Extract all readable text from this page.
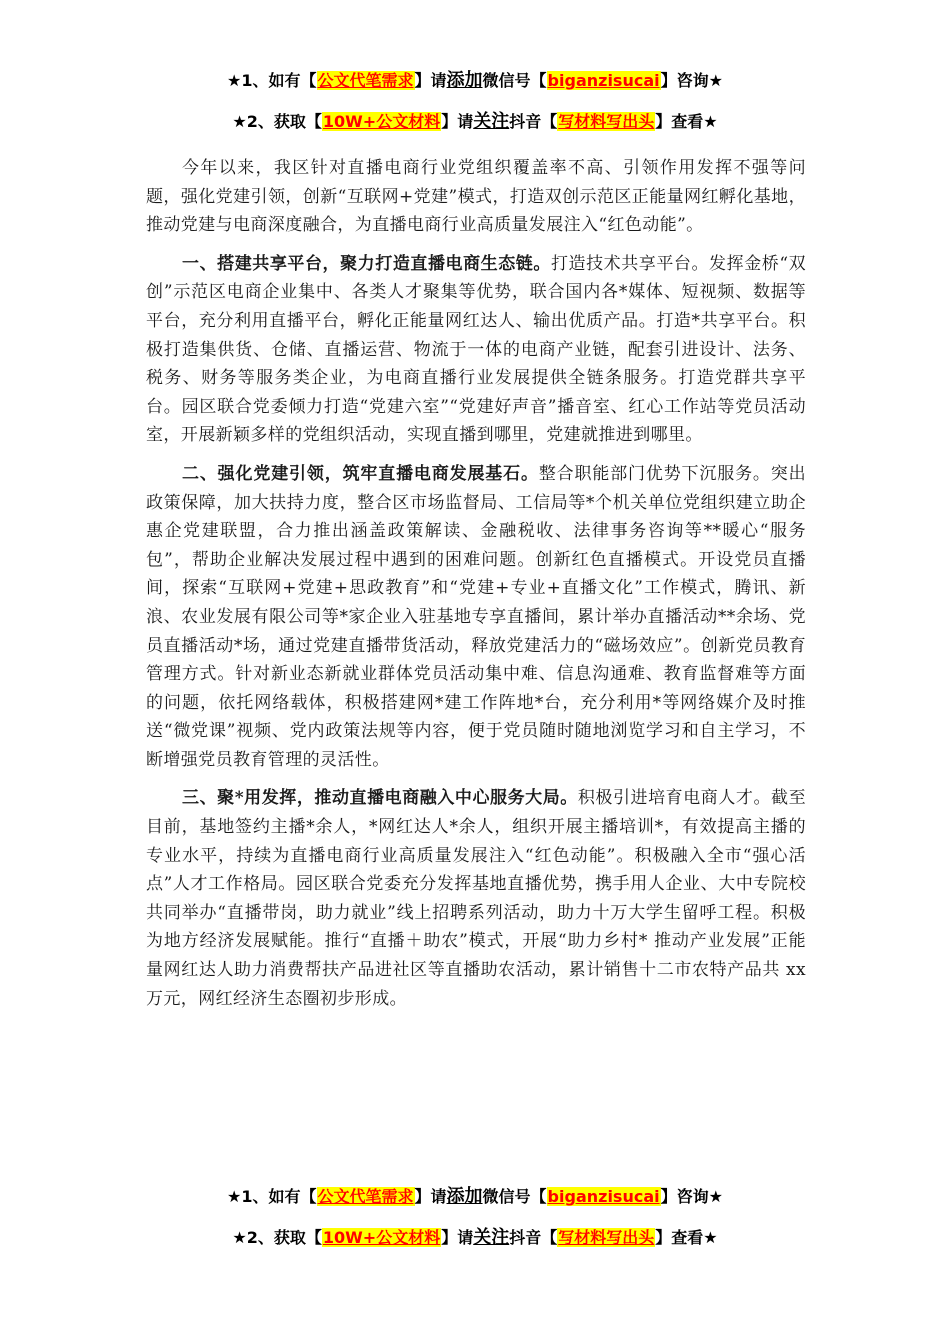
★1、如有【公文代笔需求】请添加微信号【biganzisucai】咨询★
★2、获取【10W+公文材料】请关注抖音【写材料写出头】查看★

今年以来，我区针对直播电商行业党组织覆盖率不高、引领作用发挥不强等问题，强化党建引领，创新“互联网+党建”模式，打造双创示范区正能量网红孵化基地，推动党建与电商深度融合，为直播电商行业高质量发展注入“红色动能”。

一、搭建共享平台，聚力打造直播电商生态链。打造技术共享平台。发挥金桥“双创”示范区电商企业集中、各类人才聚集等优势，联合国内各*媒体、短视频、数据等平台，充分利用直播平台，孵化正能量网红达人、输出优质产品。打造*共享平台。积极打造集供货、仓储、直播运营、物流于一体的电商产业链，配套引进设计、法务、税务、财务等服务类企业，为电商直播行业发展提供全链条服务。打造党群共享平台。园区联合党委倾力打造“党建六室”“党建好声音”播音室、红心工作站等党员活动室，开展新颖多样的党组织活动，实现直播到哪里，党建就推进到哪里。

二、强化党建引领，筑牢直播电商发展基石。整合职能部门优势下沉服务。突出政策保障，加大扶持力度，整合区市场监督局、工信局等*个机关单位党组织建立助企惠企党建联盟，合力推出涵盖政策解读、金融税收、法律事务咨询等**暖心“服务包”，帮助企业解决发展过程中遇到的困难问题。创新红色直播模式。开设党员直播间，探索“互联网+党建+思政教育”和“党建+专业+直播文化”工作模式，腾讯、新浪、农业发展有限公司等*家企业入驻基地专享直播间，累计举办直播活动**余场、党员直播活动*场，通过党建直播带货活动，释放党建活力的“磁场效应”。创新党员教育管理方式。针对新业态新就业群体党员活动集中难、信息沟通难、教育监督难等方面的问题，依托网络载体，积极搭建网*建工作阵地*台，充分利用*等网络媒介及时推送“微党课”视频、党内政策法规等内容，便于党员随时随地浏览学习和自主学习，不断增强党员教育管理的灵活性。

三、聚*用发挥，推动直播电商融入中心服务大局。积极引进培育电商人才。截至目前，基地签约主播*余人，*网红达人*余人，组织开展主播培训*，有效提高主播的专业水平，持续为直播电商行业高质量发展注入“红色动能”。积极融入全市“强心活点”人才工作格局。园区联合党委充分发挥基地直播优势，携手用人企业、大中专院校共同举办“直播带岗，助力就业”线上招聘系列活动，助力十万大学生留呼工程。积极为地方经济发展赋能。推行“直播＋助农”模式，开展“助力乡村* 推动产业发展”正能量网红达人助力消费帮扶产品进社区等直播助农活动，累计销售十二市农特产品共 xx 万元，网红经济生态圈初步形成。

★1、如有【公文代笔需求】请添加微信号【biganzisucai】咨询★
★2、获取【10W+公文材料】请关注抖音【写材料写出头】查看★
